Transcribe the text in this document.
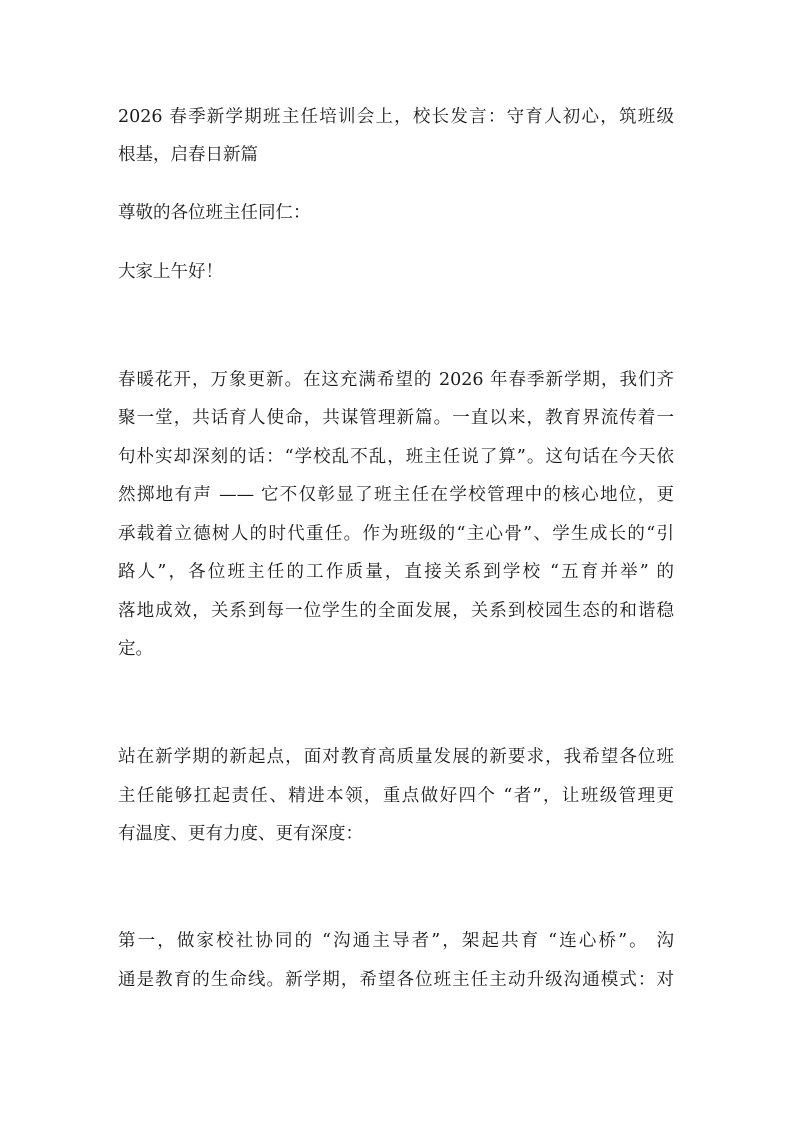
2026 春季新学期班主任培训会上，校长发言：守育人初心，筑班级
根基，启春日新篇
尊敬的各位班主任同仁：
大家上午好！
春暖花开，万象更新。在这充满希望的 2026 年春季新学期，我们齐
聚一堂，共话育人使命，共谋管理新篇。一直以来，教育界流传着一
句朴实却深刻的话：“学校乱不乱，班主任说了算”。这句话在今天依
然掷地有声 —— 它不仅彰显了班主任在学校管理中的核心地位，更
承载着立德树人的时代重任。作为班级的“主心骨”、学生成长的“引
路人”，各位班主任的工作质量，直接关系到学校 “五育并举” 的
落地成效，关系到每一位学生的全面发展，关系到校园生态的和谐稳
定。
站在新学期的新起点，面对教育高质量发展的新要求，我希望各位班
主任能够扛起责任、精进本领，重点做好四个 “者”，让班级管理更
有温度、更有力度、更有深度：
第一，做家校社协同的 “沟通主导者”，架起共育 “连心桥”。 沟
通是教育的生命线。新学期，希望各位班主任主动升级沟通模式：对
